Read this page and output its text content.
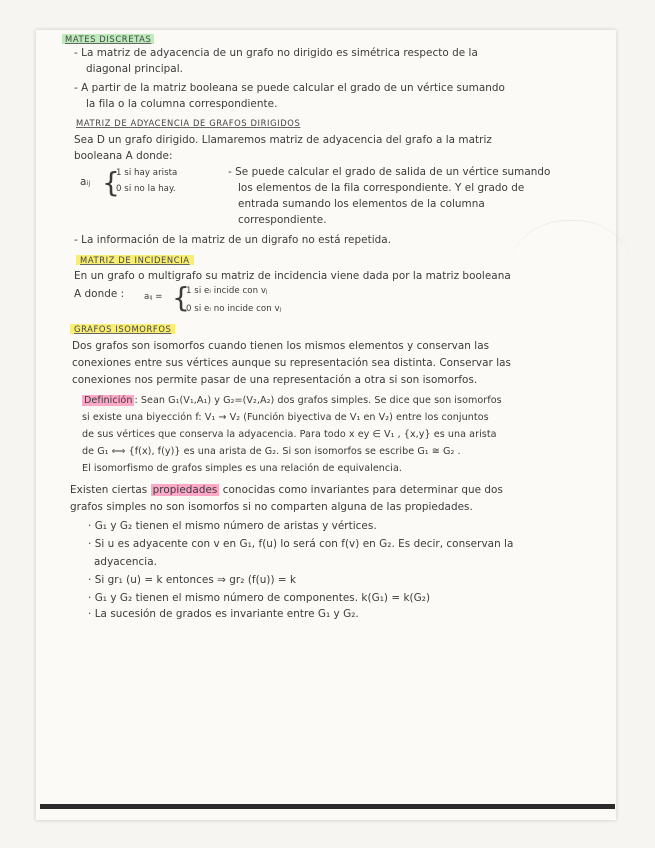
MATES DISCRETAS
- La matriz de adyacencia de un grafo no dirigido es simétrica respecto de la
diagonal principal.
- A partir de la matriz booleana se puede calcular el grado de un vértice sumando
la fila o la columna correspondiente.
MATRIZ DE ADYACENCIA DE GRAFOS DIRIGIDOS
Sea D un grafo dirigido. Llamaremos matriz de adyacencia del grafo a la matriz
booleana A donde:
aᵢⱼ {
1 si hay arista
0 si no la hay.
- Se puede calcular el grado de salida de un vértice sumando
los elementos de la fila correspondiente. Y el grado de
entrada sumando los elementos de la columna
correspondiente.
- La información de la matriz de un digrafo no está repetida.
MATRIZ DE INCIDENCIA
En un grafo o multigrafo su matriz de incidencia viene dada por la matriz booleana
A donde : aᵢⱼ = {
1 si eᵢ incide con vⱼ
0 si eᵢ no incide con vⱼ
GRAFOS ISOMORFOS
Dos grafos son isomorfos cuando tienen los mismos elementos y conservan las
conexiones entre sus vértices aunque su representación sea distinta. Conservar las
conexiones nos permite pasar de una representación a otra si son isomorfos.
Definición : Sean G₁(V₁,A₁) y G₂=(V₂,A₂) dos grafos simples. Se dice que son isomorfos
si existe una biyección f: V₁ → V₂ (Función biyectiva de V₁ en V₂) entre los conjuntos
de sus vértices que conserva la adyacencia. Para todo x ey ∈ V₁ , {x,y} es una arista
de G₁ ⟺ {f(x), f(y)} es una arista de G₂. Si son isomorfos se escribe G₁ ≅ G₂ .
El isomorfismo de grafos simples es una relación de equivalencia.
Existen ciertas propiedades conocidas como invariantes para determinar que dos
grafos simples no son isomorfos si no comparten alguna de las propiedades.
· G₁ y G₂ tienen el mismo número de aristas y vértices.
· Si u es adyacente con v en G₁, f(u) lo será con f(v) en G₂. Es decir, conservan la
adyacencia.
· Si gr₁ (u) = k entonces ⇒ gr₂ (f(u)) = k
· G₁ y G₂ tienen el mismo número de componentes. k(G₁) = k(G₂)
· La sucesión de grados es invariante entre G₁ y G₂.
